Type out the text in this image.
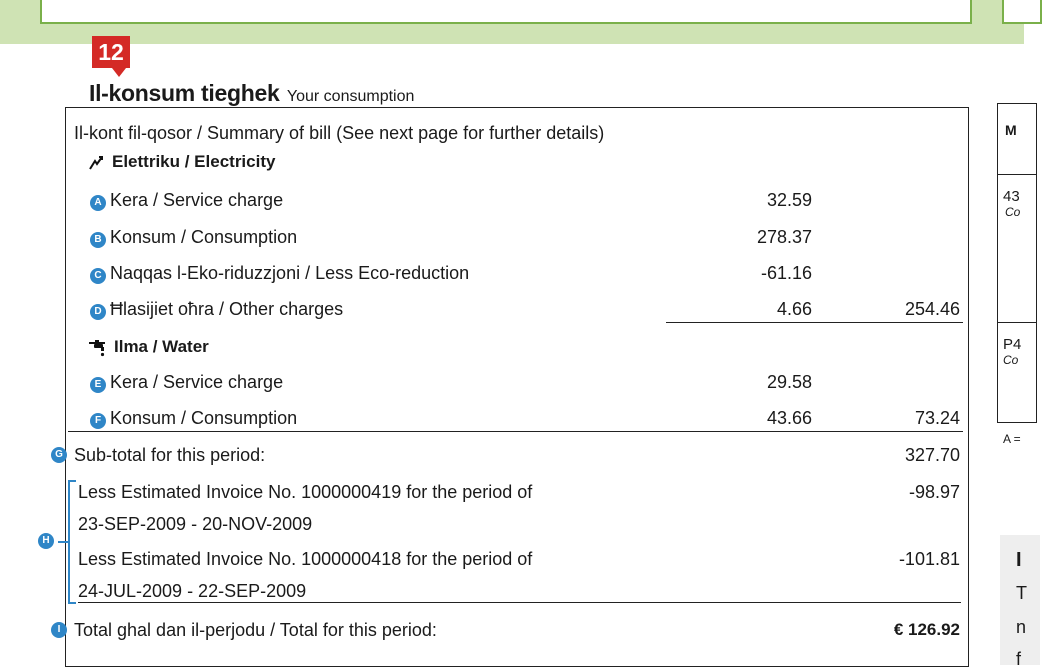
12
Il-konsum tieghek Your consumption
M
43
Co
P4
Co
A =
I
T
n
f
Il-kont fil-qosor / Summary of bill (See next page for further details)
Elettriku / Electricity
A Kera / Service charge	32.59
B Konsum / Consumption	278.37
C Naqqas l-Eko-riduzzjoni / Less Eco-reduction	-61.16
D Ħlasijiet oħra / Other charges	4.66	254.46
Ilma / Water
E Kera / Service charge	29.58
F Konsum / Consumption	43.66	73.24
G Sub-total for this period:	327.70
H
Less Estimated Invoice No. 1000000419 for the period of
23-SEP-2009 - 20-NOV-2009
-98.97
Less Estimated Invoice No. 1000000418 for the period of
24-JUL-2009 - 22-SEP-2009
-101.81
I Total ghal dan il-perjodu / Total for this period:	€ 126.92
